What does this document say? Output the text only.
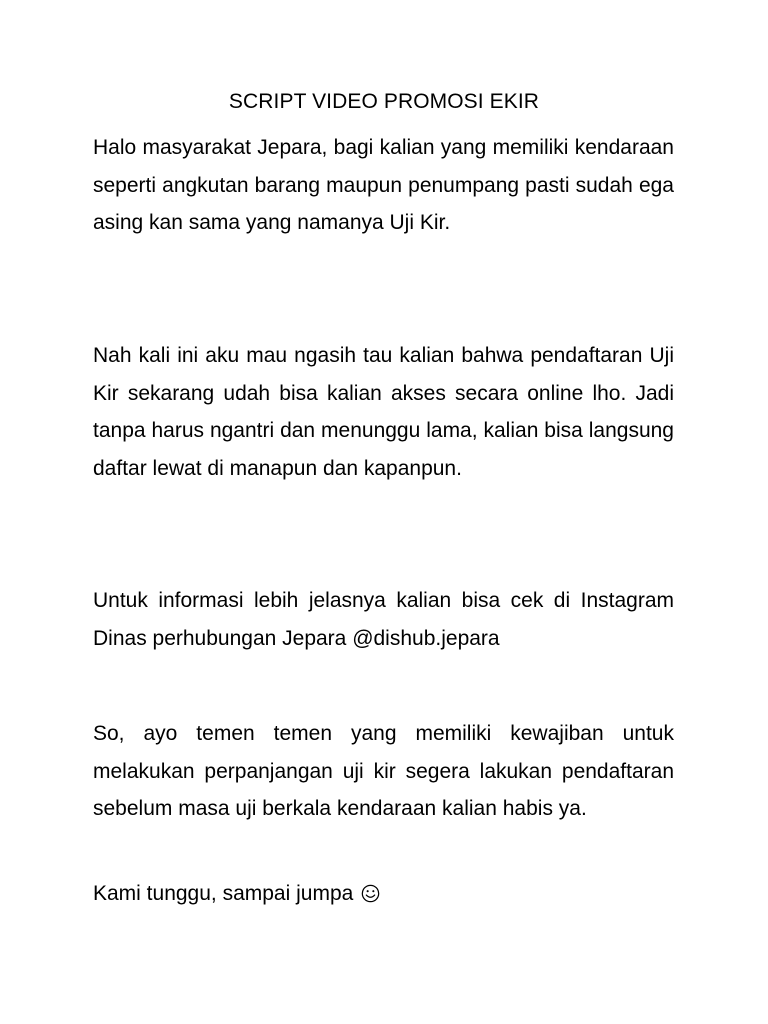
SCRIPT VIDEO PROMOSI EKIR

Halo masyarakat Jepara, bagi kalian yang memiliki kendaraan seperti angkutan barang maupun penumpang pasti sudah ega asing kan sama yang namanya Uji Kir.

Nah kali ini aku mau ngasih tau kalian bahwa pendaftaran Uji Kir sekarang udah bisa kalian akses secara online lho. Jadi tanpa harus ngantri dan menunggu lama, kalian bisa langsung daftar lewat di manapun dan kapanpun.

Untuk informasi lebih jelasnya kalian bisa cek di Instagram Dinas perhubungan Jepara @dishub.jepara

So, ayo temen temen yang memiliki kewajiban untuk melakukan perpanjangan uji kir segera lakukan pendaftaran sebelum masa uji berkala kendaraan kalian habis ya.

Kami tunggu, sampai jumpa
